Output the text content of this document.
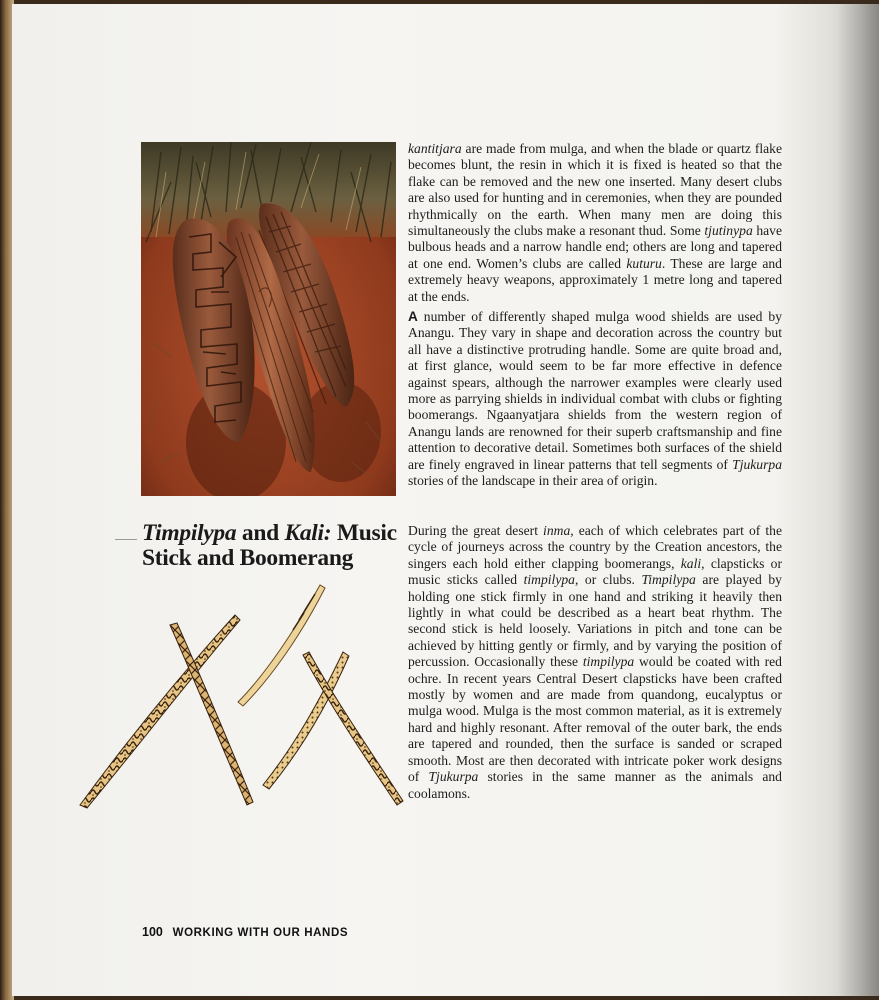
Timpilypa and Kali: Music Stick and Boomerang

kantitjara are made from mulga, and when the blade or quartz flake becomes blunt, the resin in which it is fixed is heated so that the flake can be removed and the new one inserted. Many desert clubs are also used for hunting and in ceremonies, when they are pounded rhythmically on the earth. When many men are doing this simultaneously the clubs make a resonant thud. Some tjutinypa have bulbous heads and a narrow handle end; others are long and tapered at one end. Women’s clubs are called kuturu. These are large and extremely heavy weapons, approximately 1 metre long and tapered at the ends.

A number of differently shaped mulga wood shields are used by Anangu. They vary in shape and decoration across the country but all have a distinctive protruding handle. Some are quite broad and, at first glance, would seem to be far more effective in defence against spears, although the narrower examples were clearly used more as parrying shields in individual combat with clubs or fighting boomerangs. Ngaanyatjara shields from the western region of Anangu lands are renowned for their superb craftsmanship and fine attention to decorative detail. Sometimes both surfaces of the shield are finely engraved in linear patterns that tell segments of Tjukurpa stories of the landscape in their area of origin.

During the great desert inma, each of which celebrates part of the cycle of journeys across the country by the Creation ancestors, the singers each hold either clapping boomerangs, kali, clapsticks or music sticks called timpilypa, or clubs. Timpilypa are played by holding one stick firmly in one hand and striking it heavily then lightly in what could be described as a heart beat rhythm. The second stick is held loosely. Variations in pitch and tone can be achieved by hitting gently or firmly, and by varying the position of percussion. Occasionally these timpilypa would be coated with red ochre. In recent years Central Desert clapsticks have been crafted mostly by women and are made from quandong, eucalyptus or mulga wood. Mulga is the most common material, as it is extremely hard and highly resonant. After removal of the outer bark, the ends are tapered and rounded, then the surface is sanded or scraped smooth. Most are then decorated with intricate poker work designs of Tjukurpa stories in the same manner as the animals and coolamons.

100 WORKING WITH OUR HANDS
